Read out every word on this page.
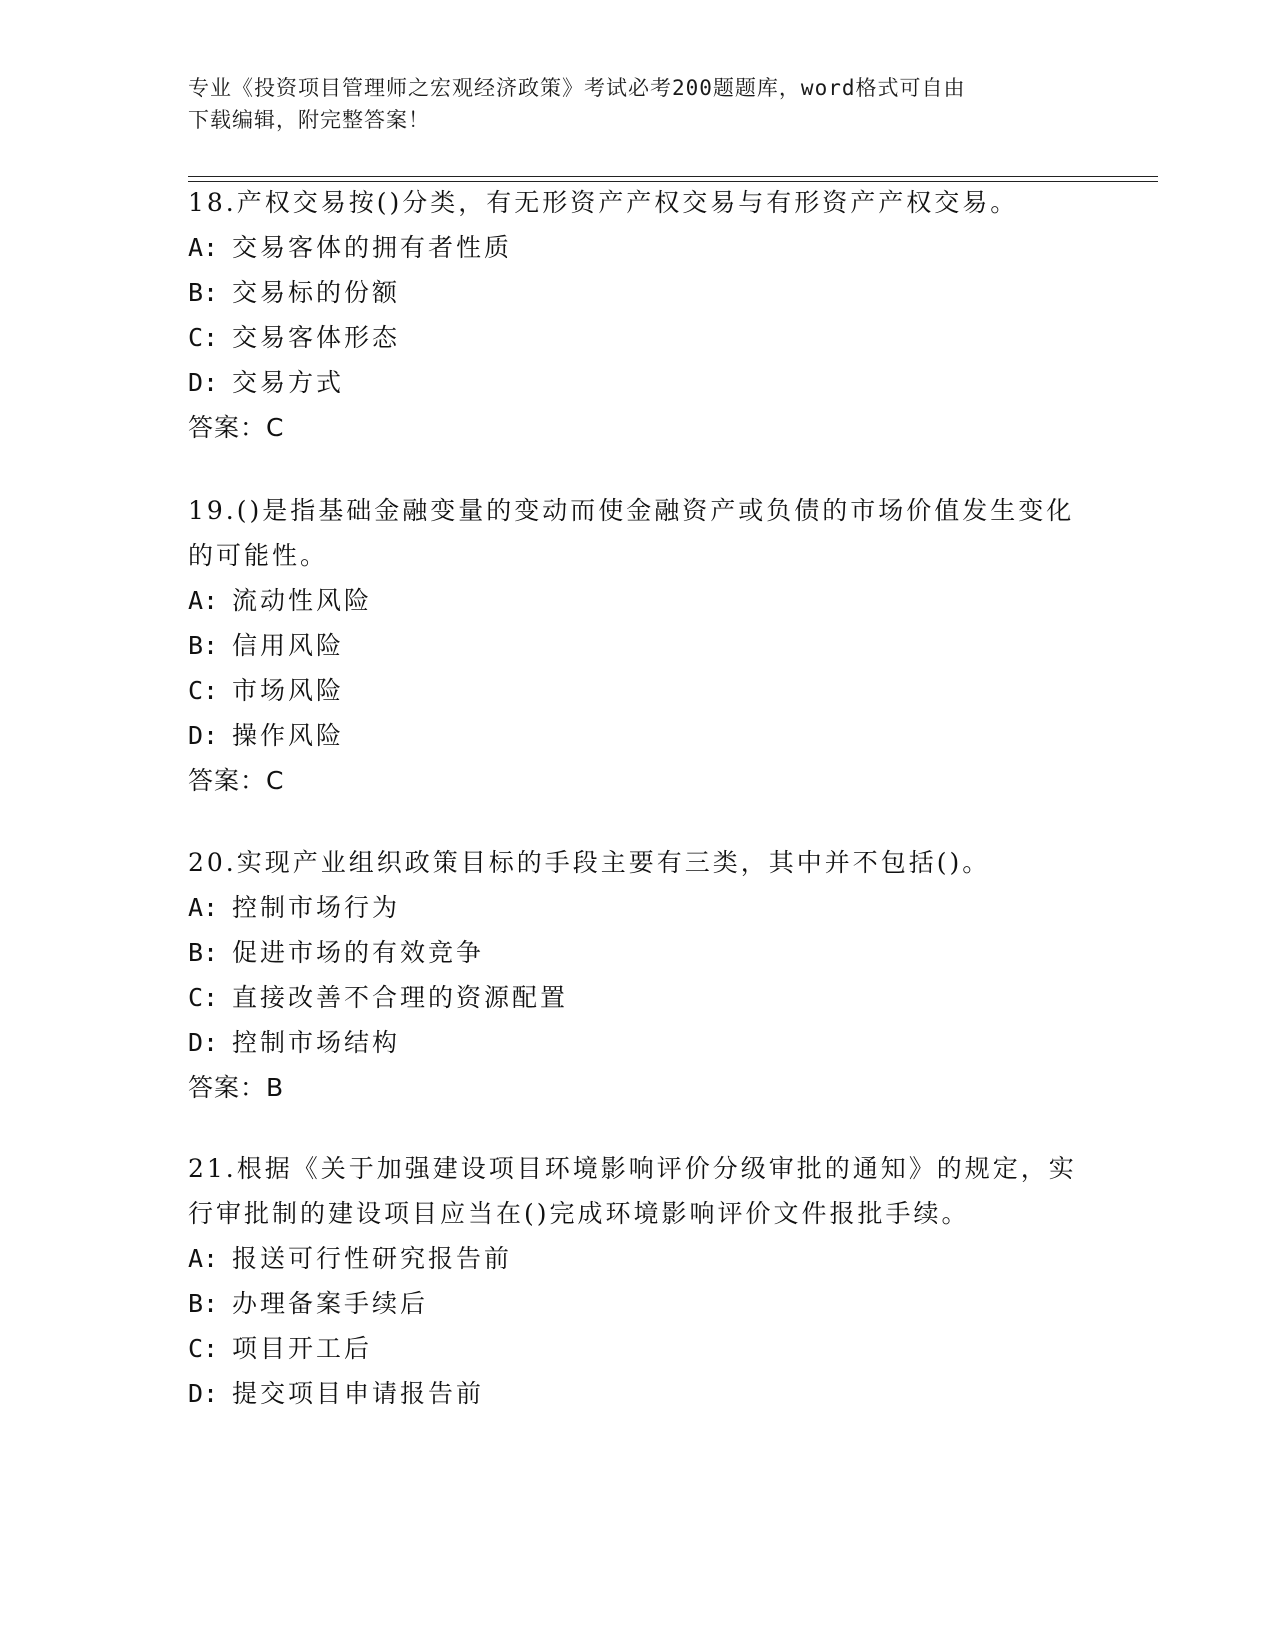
专业《投资项目管理师之宏观经济政策》考试必考200题题库，word格式可自由
下载编辑，附完整答案！

18.产权交易按()分类，有无形资产产权交易与有形资产产权交易。

A: 交易客体的拥有者性质

B: 交易标的份额

C: 交易客体形态

D: 交易方式

答案：C

19.()是指基础金融变量的变动而使金融资产或负债的市场价值发生变化的可能性。

A: 流动性风险

B: 信用风险

C: 市场风险

D: 操作风险

答案：C

20.实现产业组织政策目标的手段主要有三类，其中并不包括()。

A: 控制市场行为

B: 促进市场的有效竞争

C: 直接改善不合理的资源配置

D: 控制市场结构

答案：B

21.根据《关于加强建设项目环境影响评价分级审批的通知》的规定，实行审批制的建设项目应当在()完成环境影响评价文件报批手续。

A: 报送可行性研究报告前

B: 办理备案手续后

C: 项目开工后

D: 提交项目申请报告前
